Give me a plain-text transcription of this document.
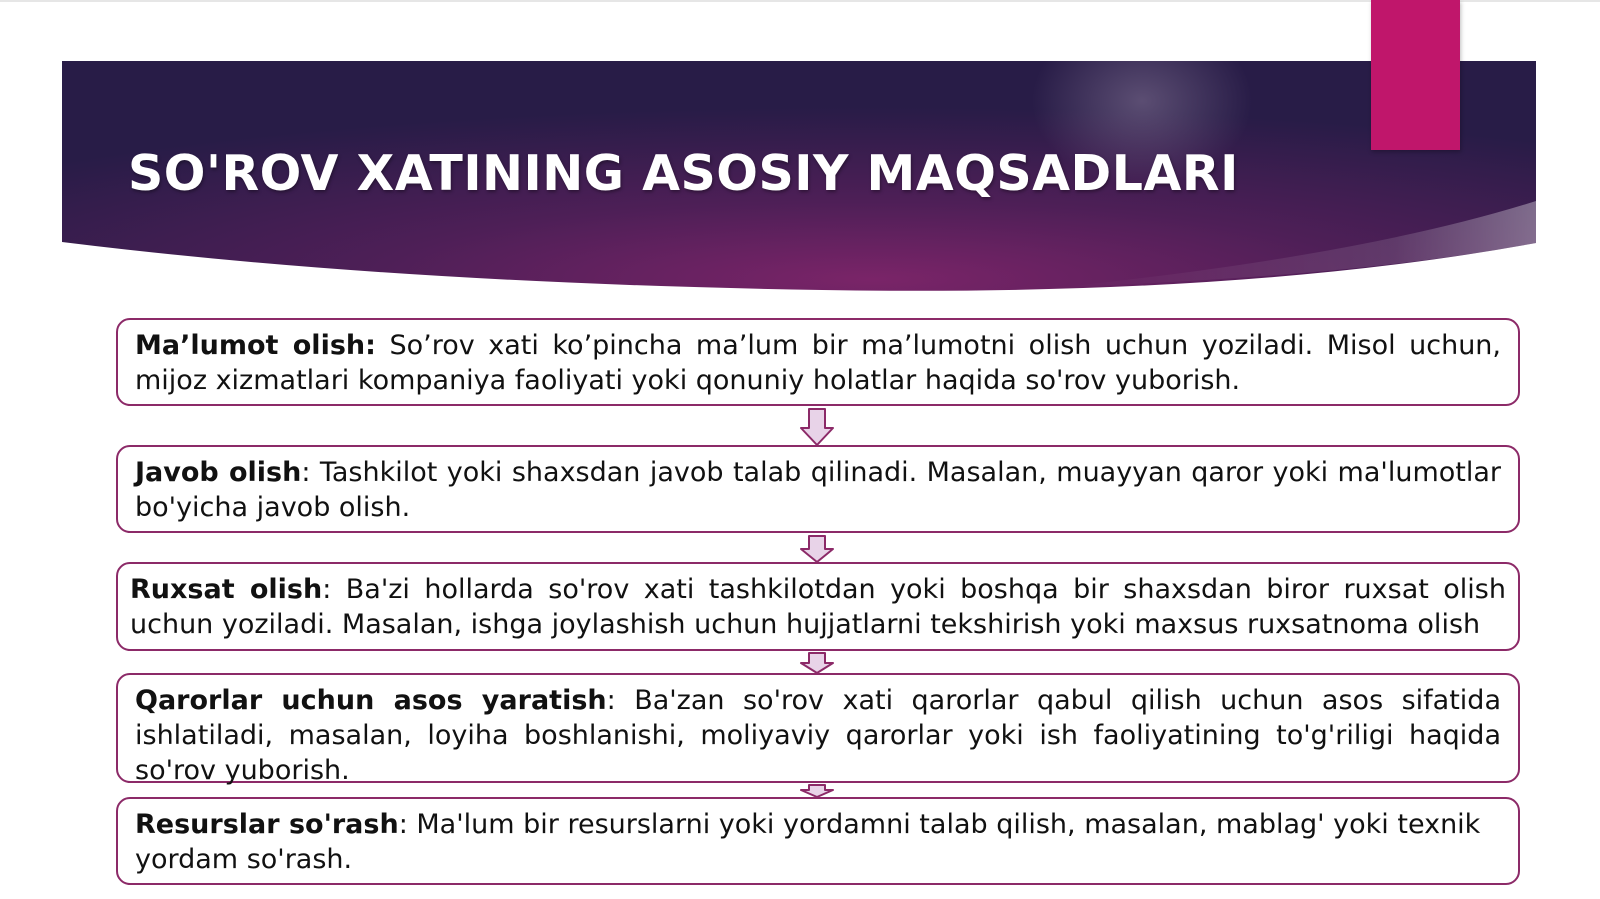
SO'ROV XATINING ASOSIY MAQSADLARI
Ma’lumot olish: So’rov xati ko’pincha ma’lum bir ma’lumotni olish uchun yoziladi. Misol uchun, mijoz xizmatlari kompaniya faoliyati yoki qonuniy holatlar haqida so'rov yuborish.
Javob olish: Tashkilot yoki shaxsdan javob talab qilinadi. Masalan, muayyan qaror yoki ma'lumotlar bo'yicha javob olish.
Ruxsat olish: Ba'zi hollarda so'rov xati tashkilotdan yoki boshqa bir shaxsdan biror ruxsat olish uchun yoziladi. Masalan, ishga joylashish uchun hujjatlarni tekshirish yoki maxsus ruxsatnoma olish
Qarorlar uchun asos yaratish: Ba'zan so'rov xati qarorlar qabul qilish uchun asos sifatida ishlatiladi, masalan, loyiha boshlanishi, moliyaviy qarorlar yoki ish faoliyatining to'g'riligi haqida so'rov yuborish.
Resurslar so'rash: Ma'lum bir resurslarni yoki yordamni talab qilish, masalan, mablag' yoki texnik yordam so'rash.
